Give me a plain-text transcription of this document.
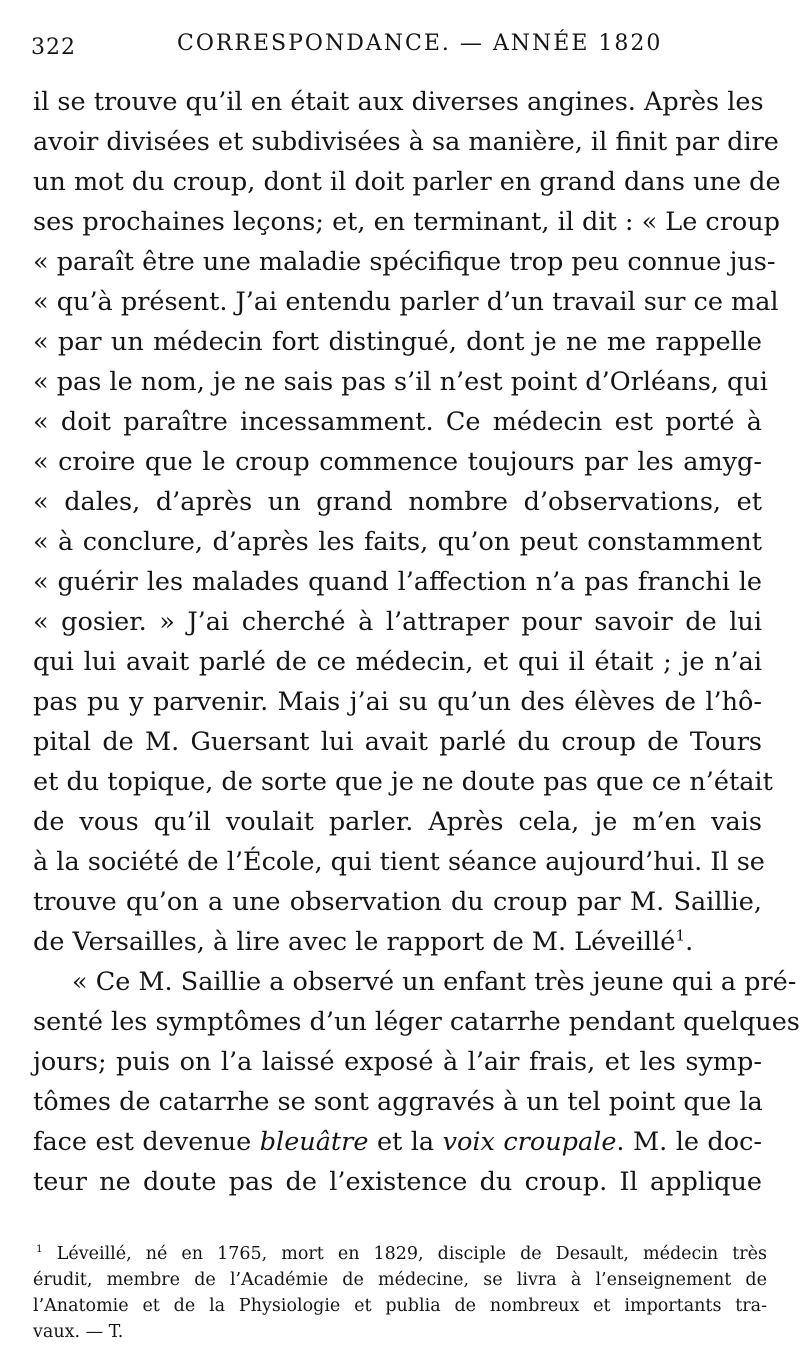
322	CORRESPONDANCE. — ANNÉE 1820
il se trouve qu’il en était aux diverses angines. Après les
avoir divisées et subdivisées à sa manière, il finit par dire
un mot du croup, dont il doit parler en grand dans une de
ses prochaines leçons; et, en terminant, il dit : « Le croup
« paraît être une maladie spécifique trop peu connue jus-
« qu’à présent. J’ai entendu parler d’un travail sur ce mal
« par un médecin fort distingué, dont je ne me rappelle
« pas le nom, je ne sais pas s’il n’est point d’Orléans, qui
« doit paraître incessamment. Ce médecin est porté à
« croire que le croup commence toujours par les amyg-
« dales, d’après un grand nombre d’observations, et
« à conclure, d’après les faits, qu’on peut constamment
« guérir les malades quand l’affection n’a pas franchi le
« gosier. » J’ai cherché à l’attraper pour savoir de lui
qui lui avait parlé de ce médecin, et qui il était ; je n’ai
pas pu y parvenir. Mais j’ai su qu’un des élèves de l’hô-
pital de M. Guersant lui avait parlé du croup de Tours
et du topique, de sorte que je ne doute pas que ce n’était
de vous qu’il voulait parler. Après cela, je m’en vais
à la société de l’École, qui tient séance aujourd’hui. Il se
trouve qu’on a une observation du croup par M. Saillie,
de Versailles, à lire avec le rapport de M. Léveillé$^1$.
« Ce M. Saillie a observé un enfant très jeune qui a pré-
senté les symptômes d’un léger catarrhe pendant quelques
jours; puis on l’a laissé exposé à l’air frais, et les symp-
tômes de catarrhe se sont aggravés à un tel point que la
face est devenue bleuâtre et la voix croupale. M. le doc-
teur ne doute pas de l’existence du croup. Il applique
$^1$ Léveillé, né en 1765, mort en 1829, disciple de Desault, médecin très
érudit, membre de l’Académie de médecine, se livra à l’enseignement de
l’Anatomie et de la Physiologie et publia de nombreux et importants tra-
vaux. — T.
